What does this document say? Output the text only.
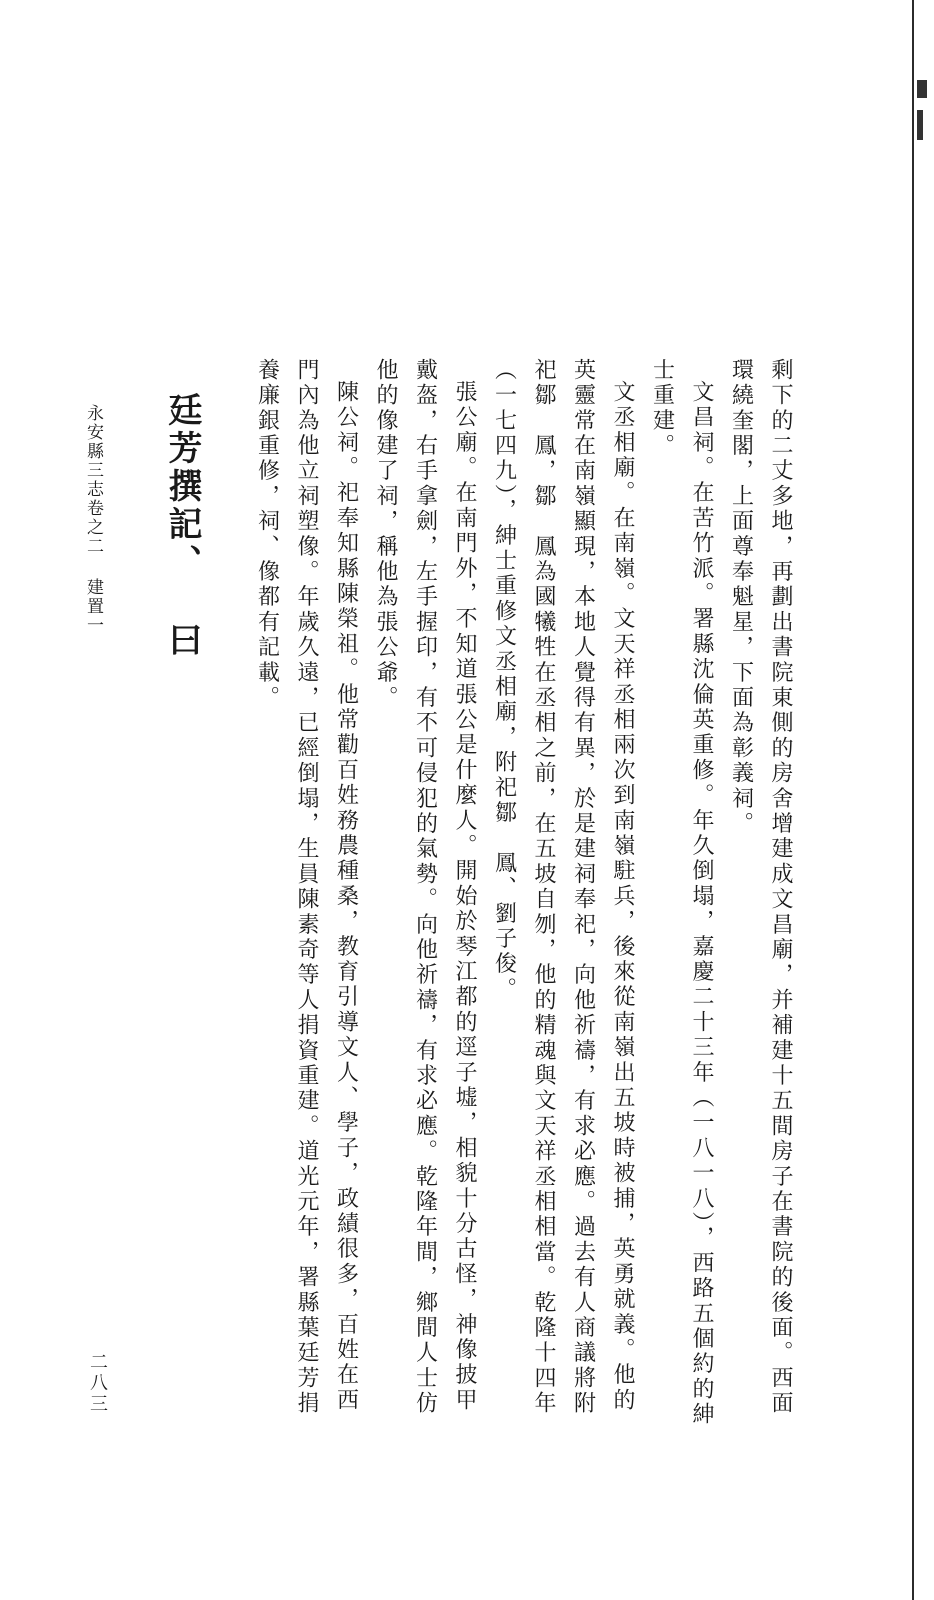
剩下的二丈多地，再劃出書院東側的房舍增建成文昌廟，并補建十五間房子在書院的後面。西面環繞奎閣，上面尊奉魁星，下面為彰義祠。

文昌祠。在苦竹派。署縣沈倫英重修。年久倒塌，嘉慶二十三年（一八一八），西路五個約的紳士重建。

文丞相廟。在南嶺。文天祥丞相兩次到南嶺駐兵，後來從南嶺出五坡時被捕，英勇就義。他的英靈常在南嶺顯現，本地人覺得有異，於是建祠奉祀，向他祈禱，有求必應。過去有人商議將附祀鄒　鳳，鄒　鳳為國犧牲在丞相之前，在五坡自刎，他的精魂與文天祥丞相相當。乾隆十四年（一七四九），紳士重修文丞相廟，附祀鄒　鳳、劉子俊。

張公廟。在南門外，不知道張公是什麼人。開始於琴江都的逕子墟，相貌十分古怪，神像披甲戴盔，右手拿劍，左手握印，有不可侵犯的氣勢。向他祈禱，有求必應。乾隆年間，鄉間人士仿他的像建了祠，稱他為張公爺。

陳公祠。祀奉知縣陳榮祖。他常勸百姓務農種桑，教育引導文人、學子，政績很多，百姓在西門內為他立祠塑像。年歲久遠，已經倒塌，生員陳素奇等人捐資重建。道光元年，署縣葉廷芳捐養廉銀重修，祠、像都有記載。

廷芳撰記、曰
永安縣三志卷之二建置一
二八三
